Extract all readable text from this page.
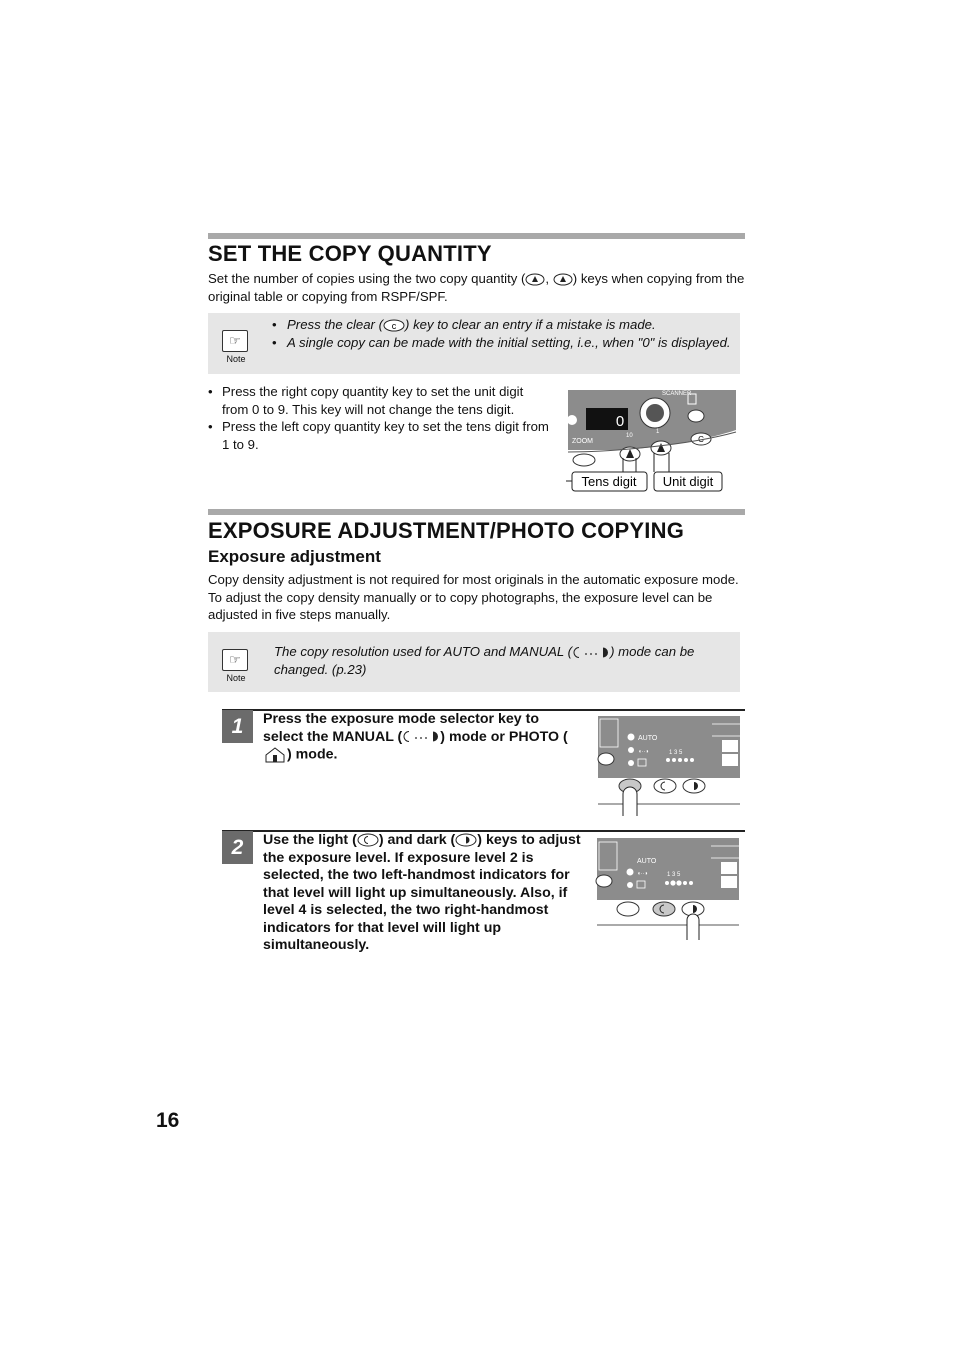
SET THE COPY QUANTITY
Set the number of copies using the two copy quantity ( , ) keys when copying from the original table or copying from RSPF/SPF.
☞
Note
• Press the clear ( c ) key to clear an entry if a mistake is made.
• A single copy can be made with the initial setting, i.e., when "0" is displayed.
• Press the right copy quantity key to set the unit digit from 0 to 9. This key will not change the tens digit.
• Press the left copy quantity key to set the tens digit from 1 to 9.
0
SCANNER
ZOOM
10
1
C
Tens digit Unit digit
EXPOSURE ADJUSTMENT/PHOTO COPYING
Exposure adjustment
Copy density adjustment is not required for most originals in the automatic exposure mode. To adjust the copy density manually or to copy photographs, the exposure level can be adjusted in five steps manually.
☞
Note
The copy resolution used for AUTO and MANUAL (	) mode can be changed. (p.23)
1	Press the exposure mode selector key to select the MANUAL (	) mode or PHOTO () mode.
AUTO
◖··◗	1 3 5
2	Use the light ( ) and dark ( ) keys to adjust the exposure level. If exposure level 2 is selected, the two left-handmost indicators for that level will light up simultaneously. Also, if level 4 is selected, the two right-handmost indicators for that level will light up simultaneously.
AUTO
◖··◗	1 3 5
16
